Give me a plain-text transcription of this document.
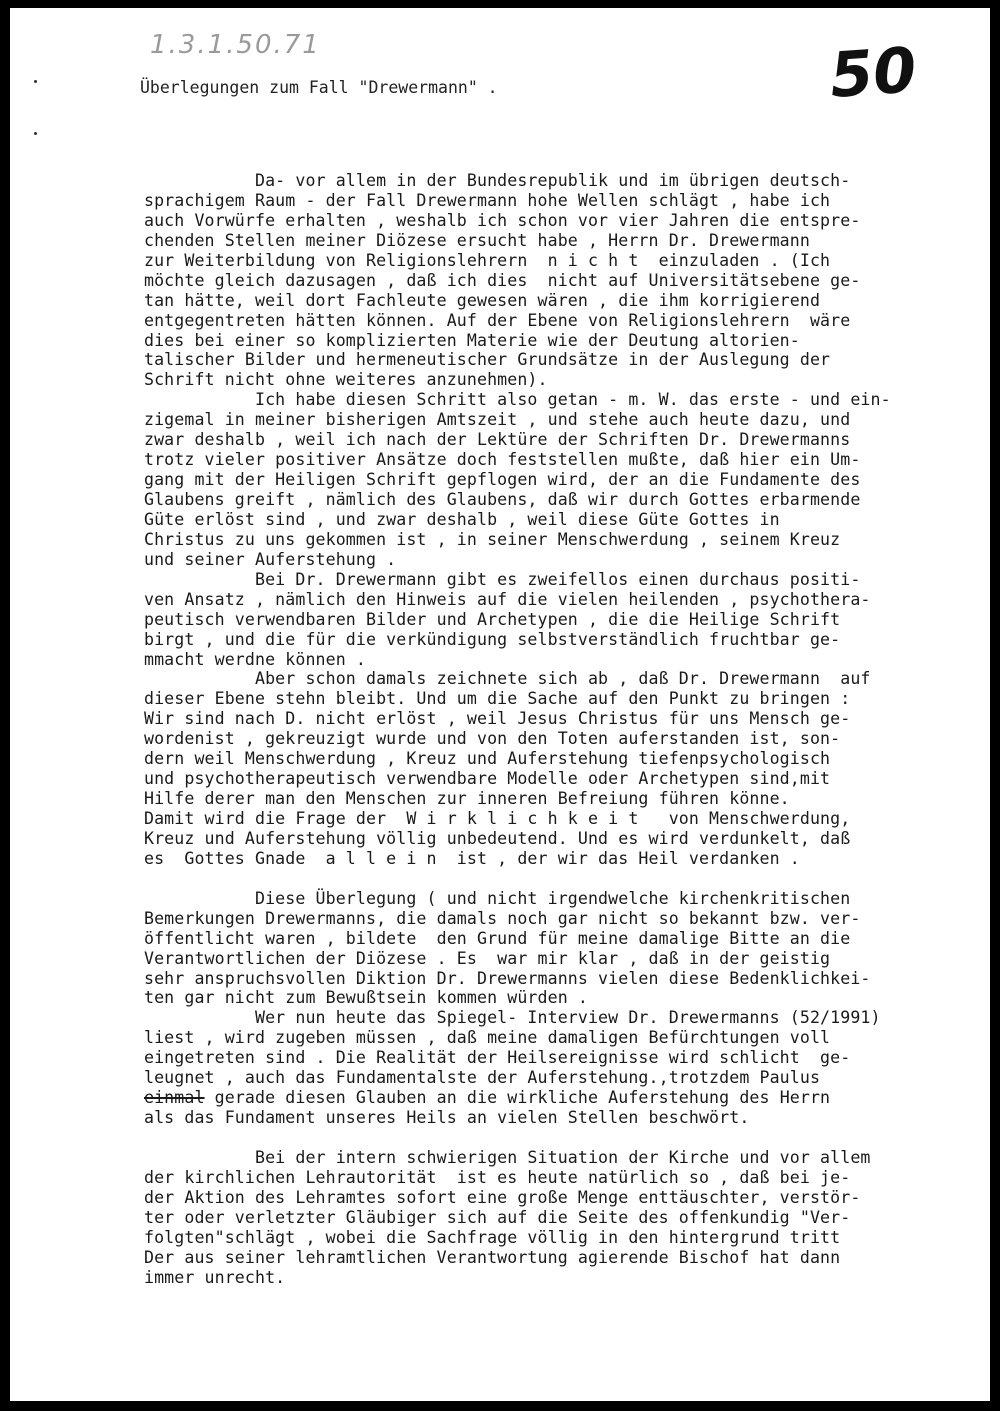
1.3.1.50.71	50
Überlegungen zum Fall "Drewermann" .
Da- vor allem in der Bundesrepublik und im übrigen deutsch-
sprachigem Raum - der Fall Drewermann hohe Wellen schlägt , habe ich
auch Vorwürfe erhalten , weshalb ich schon vor vier Jahren die entspre-
chenden Stellen meiner Diözese ersucht habe , Herrn Dr. Drewermann
zur Weiterbildung von Religionslehrern  n i c h t  einzuladen . (Ich
möchte gleich dazusagen , daß ich dies  nicht auf Universitätsebene ge-
tan hätte, weil dort Fachleute gewesen wären , die ihm korrigierend
entgegentreten hätten können. Auf der Ebene von Religionslehrern  wäre
dies bei einer so komplizierten Materie wie der Deutung altorien-
talischer Bilder und hermeneutischer Grundsätze in der Auslegung der
Schrift nicht ohne weiteres anzunehmen).
Ich habe diesen Schritt also getan - m. W. das erste - und ein-
zigemal in meiner bisherigen Amtszeit , und stehe auch heute dazu, und
zwar deshalb , weil ich nach der Lektüre der Schriften Dr. Drewermanns
trotz vieler positiver Ansätze doch feststellen mußte, daß hier ein Um-
gang mit der Heiligen Schrift gepflogen wird, der an die Fundamente des
Glaubens greift , nämlich des Glaubens, daß wir durch Gottes erbarmende
Güte erlöst sind , und zwar deshalb , weil diese Güte Gottes in
Christus zu uns gekommen ist , in seiner Menschwerdung , seinem Kreuz
und seiner Auferstehung .
Bei Dr. Drewermann gibt es zweifellos einen durchaus positi-
ven Ansatz , nämlich den Hinweis auf die vielen heilenden , psychothera-
peutisch verwendbaren Bilder und Archetypen , die die Heilige Schrift
birgt , und die für die verkündigung selbstverständlich fruchtbar ge-
mmacht werdne können .
Aber schon damals zeichnete sich ab , daß Dr. Drewermann  auf
dieser Ebene stehn bleibt. Und um die Sache auf den Punkt zu bringen :
Wir sind nach D. nicht erlöst , weil Jesus Christus für uns Mensch ge-
wordenist , gekreuzigt wurde und von den Toten auferstanden ist, son-
dern weil Menschwerdung , Kreuz und Auferstehung tiefenpsychologisch
und psychotherapeutisch verwendbare Modelle oder Archetypen sind,mit
Hilfe derer man den Menschen zur inneren Befreiung führen könne.
Damit wird die Frage der  W i r k l i c h k e i t   von Menschwerdung,
Kreuz und Auferstehung völlig unbedeutend. Und es wird verdunkelt, daß
es  Gottes Gnade  a l l e i n  ist , der wir das Heil verdanken .
Diese Überlegung ( und nicht irgendwelche kirchenkritischen
Bemerkungen Drewermanns, die damals noch gar nicht so bekannt bzw. ver-
öffentlicht waren , bildete  den Grund für meine damalige Bitte an die
Verantwortlichen der Diözese . Es  war mir klar , daß in der geistig
sehr anspruchsvollen Diktion Dr. Drewermanns vielen diese Bedenklichkei-
ten gar nicht zum Bewußtsein kommen würden .
Wer nun heute das Spiegel- Interview Dr. Drewermanns (52/1991)
liest , wird zugeben müssen , daß meine damaligen Befürchtungen voll
eingetreten sind . Die Realität der Heilsereignisse wird schlicht  ge-
leugnet , auch das Fundamentalste der Auferstehung.,trotzdem Paulus
einmal gerade diesen Glauben an die wirkliche Auferstehung des Herrn
als das Fundament unseres Heils an vielen Stellen beschwört.
Bei der intern schwierigen Situation der Kirche und vor allem
der kirchlichen Lehrautorität  ist es heute natürlich so , daß bei je-
der Aktion des Lehramtes sofort eine große Menge enttäuschter, verstör-
ter oder verletzter Gläubiger sich auf die Seite des offenkundig "Ver-
folgten"schlägt , wobei die Sachfrage völlig in den hintergrund tritt
Der aus seiner lehramtlichen Verantwortung agierende Bischof hat dann
immer unrecht.
